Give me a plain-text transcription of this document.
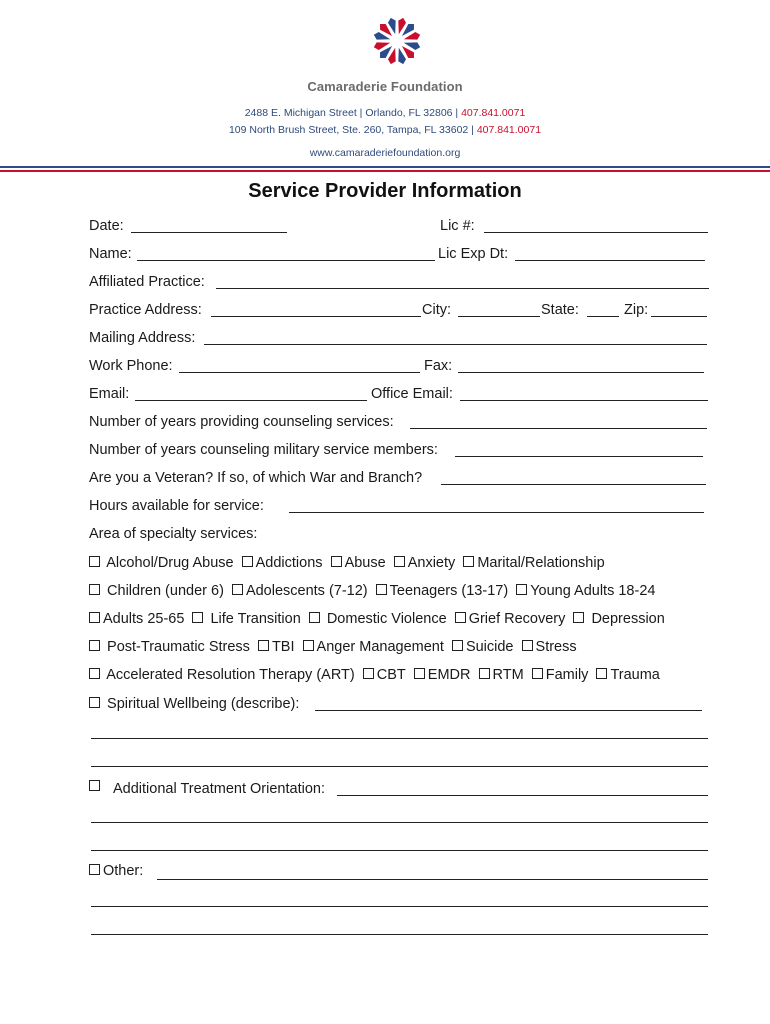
Camaraderie Foundation
2488 E. Michigan Street | Orlando, FL 32806 | 407.841.0071
109 North Brush Street, Ste. 260, Tampa, FL 33602 | 407.841.0071
www.camaraderiefoundation.org
Service Provider Information
Date:	Lic #:
Name:	Lic Exp Dt:
Affiliated Practice:
Practice Address:	City:	State:	Zip:
Mailing Address:
Work Phone:	Fax:
Email:	Office Email:
Number of years providing counseling services:
Number of years counseling military service members:
Are you a Veteran? If so, of which War and Branch?
Hours available for service:
Area of specialty services:
Alcohol/Drug Abuse Addictions Abuse Anxiety Marital/Relationship
Children (under 6) Adolescents (7-12) Teenagers (13-17) Young Adults 18-24
Adults 25-65 Life Transition Domestic Violence Grief Recovery Depression
Post-Traumatic Stress TBI Anger Management Suicide Stress
Accelerated Resolution Therapy (ART) CBT EMDR RTM Family Trauma
Spiritual Wellbeing (describe):
Additional Treatment Orientation:
Other:
